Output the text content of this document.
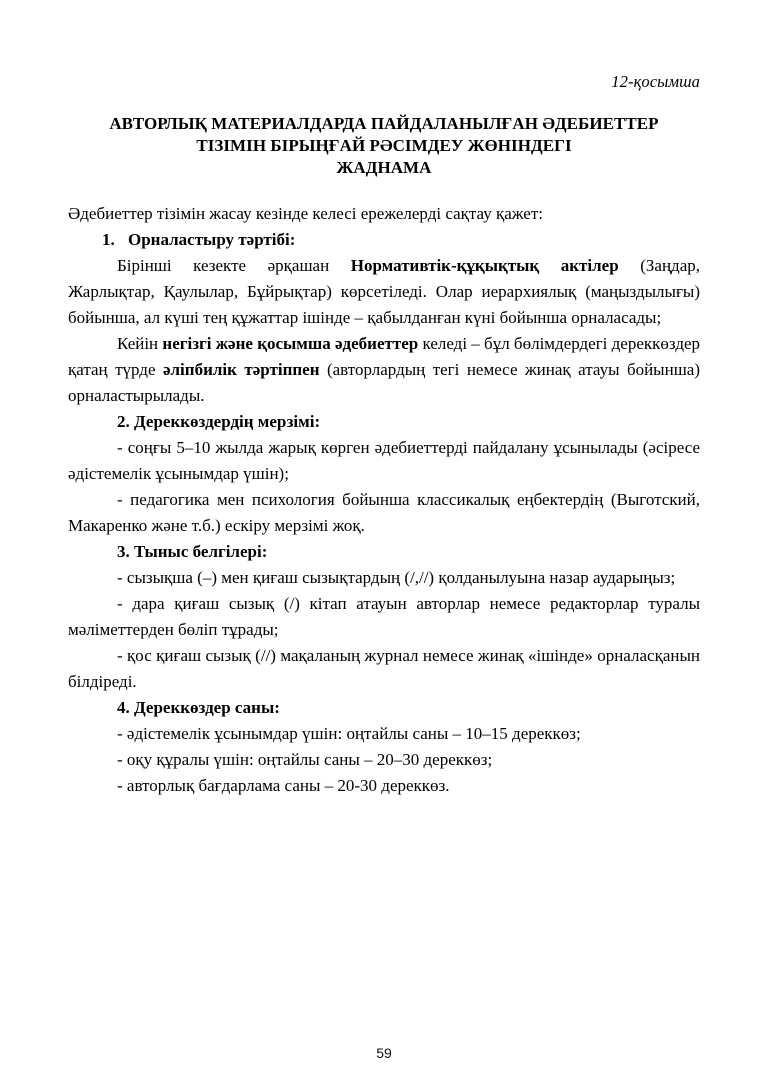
12-қосымша
АВТОРЛЫҚ МАТЕРИАЛДАРДА ПАЙДАЛАНЫЛҒАН ӘДЕБИЕТТЕР
ТІЗІМІН БІРЫҢҒАЙ РӘСІМДЕУ ЖӨНІНДЕГІ
ЖАДНАМА

Әдебиеттер тізімін жасау кезінде келесі ережелерді сақтау қажет:

1. Орналастыру тәртібі:

Бірінші кезекте әрқашан Нормативтік-құқықтық актілер (Заңдар, Жарлықтар, Қаулылар, Бұйрықтар) көрсетіледі. Олар иерархиялық (маңыздылығы) бойынша, ал күші тең құжаттар ішінде – қабылданған күні бойынша орналасады;

Кейін негізгі және қосымша әдебиеттер келеді – бұл бөлімдердегі дереккөздер қатаң түрде әліпбилік тәртіппен (авторлардың тегі немесе жинақ атауы бойынша) орналастырылады.

2. Дереккөздердің мерзімі:

- соңғы 5–10 жылда жарық көрген әдебиеттерді пайдалану ұсынылады (әсіресе әдістемелік ұсынымдар үшін);

- педагогика мен психология бойынша классикалық еңбектердің (Выготский, Макаренко және т.б.) ескіру мерзімі жоқ.

3. Тыныс белгілері:

- сызықша (–) мен қиғаш сызықтардың (/,//) қолданылуына назар аударыңыз;

- дара қиғаш сызық (/) кітап атауын авторлар немесе редакторлар туралы мәліметтерден бөліп тұрады;

- қос қиғаш сызық (//) мақаланың журнал немесе жинақ «ішінде» орналасқанын білдіреді.

4. Дереккөздер саны:

- әдістемелік ұсынымдар үшін: оңтайлы саны – 10–15 дереккөз;

- оқу құралы үшін: оңтайлы саны – 20–30 дереккөз;

- авторлық бағдарлама саны – 20-30 дереккөз.

59
